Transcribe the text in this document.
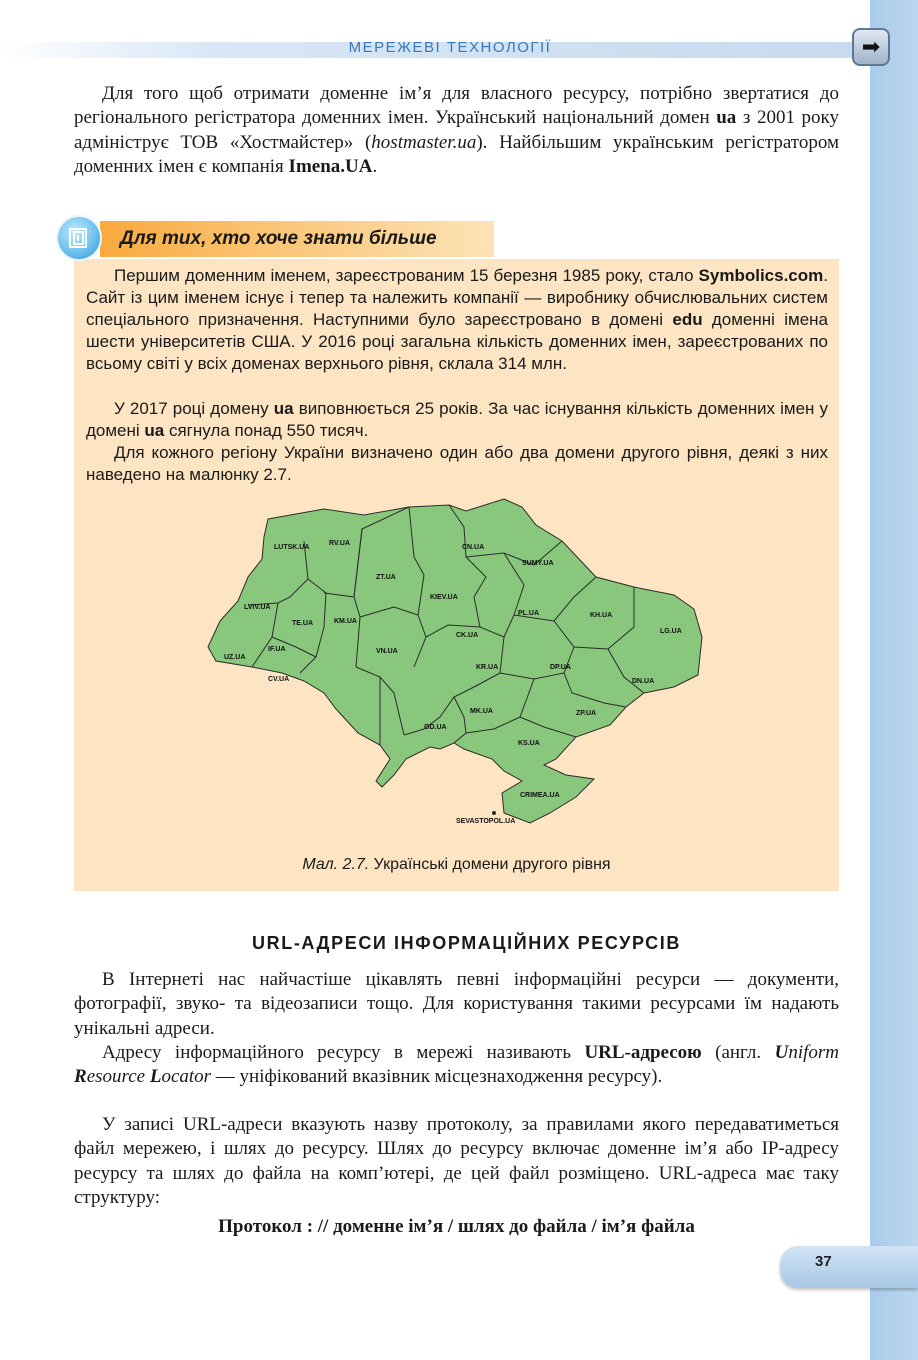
МЕРЕЖЕВІ ТЕХНОЛОГІЇ	➡
Для того щоб отримати доменне ім’я для власного ресурсу, потрібно звертатися до регіонального регістратора доменних імен. Український національний домен ua з 2001 року адмініструє ТОВ «Хостмайстер» (hostmaster.ua). Найбільшим українським регістратором доменних імен є компанія Imena.UA.
Для тих, хто хоче знати більше
Першим доменним іменем, зареєстрованим 15 березня 1985 року, стало Symbolics.com. Сайт із цим іменем існує і тепер та належить компанії — виробнику обчислювальних систем спеціального призначення. Наступними було зареєстровано в домені edu доменні імена шести університетів США. У 2016 році загальна кількість доменних імен, зареєстрованих по всьому світі у всіх доменах верхнього рівня, склала 314 млн.
У 2017 році домену ua виповнюється 25 років. За час існування кількість доменних імен у домені ua сягнула понад 550 тисяч.
Для кожного регіону України визначено один або два домени другого рівня, деякі з них наведено на малюнку 2.7.
LUTSK.UA
RV.UA
ZT.UA
CN.UA
SUMY.UA
LVIV.UA
TE.UA	KM.UA
KIEV.UA
PL.UA	KH.UA
LG.UA
UZ.UA
IF.UA	VN.UA
CK.UA
KR.UA	DP.UA
DN.UA
CV.UA
MK.UA	ZP.UA
OD.UA
KS.UA
CRIMEA.UA
SEVASTOPOL.UA
Мал. 2.7. Українські домени другого рівня
URL-АДРЕСИ ІНФОРМАЦІЙНИХ РЕСУРСІВ
В Інтернеті нас найчастіше цікавлять певні інформаційні ресурси — документи, фотографії, звуко- та відеозаписи тощо. Для користування такими ресурсами їм надають унікальні адреси.
Адресу інформаційного ресурсу в мережі називають URL-адресою (англ. Uniform Resource Locator — уніфікований вказівник місцезнаходження ресурсу).
У записі URL-адреси вказують назву протоколу, за правилами якого передаватиметься файл мережею, і шлях до ресурсу. Шлях до ресурсу включає доменне ім’я або IP-адресу ресурсу та шлях до файла на комп’ютері, де цей файл розміщено. URL-адреса має таку структуру:
Протокол : // доменне ім’я / шлях до файла / ім’я файла
37
